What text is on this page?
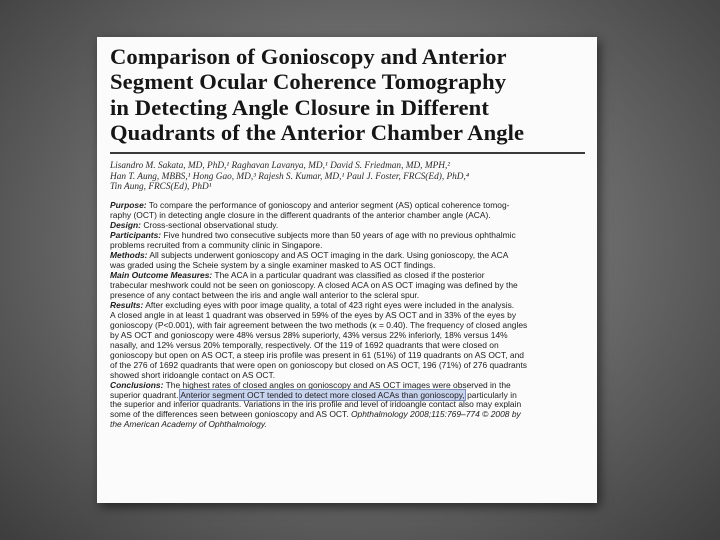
Comparison of Gonioscopy and Anterior
Segment Ocular Coherence Tomography
in Detecting Angle Closure in Different
Quadrants of the Anterior Chamber Angle
Lisandro M. Sakata, MD, PhD,¹ Raghavan Lavanya, MD,¹ David S. Friedman, MD, MPH,²
Han T. Aung, MBBS,¹ Hong Gao, MD,³ Rajesh S. Kumar, MD,¹ Paul J. Foster, FRCS(Ed), PhD,⁴
Tin Aung, FRCS(Ed), PhD¹
Purpose: To compare the performance of gonioscopy and anterior segment (AS) optical coherence tomog-
raphy (OCT) in detecting angle closure in the different quadrants of the anterior chamber angle (ACA).
Design: Cross-sectional observational study.
Participants: Five hundred two consecutive subjects more than 50 years of age with no previous ophthalmic
problems recruited from a community clinic in Singapore.
Methods: All subjects underwent gonioscopy and AS OCT imaging in the dark. Using gonioscopy, the ACA
was graded using the Scheie system by a single examiner masked to AS OCT findings.
Main Outcome Measures: The ACA in a particular quadrant was classified as closed if the posterior
trabecular meshwork could not be seen on gonioscopy. A closed ACA on AS OCT imaging was defined by the
presence of any contact between the iris and angle wall anterior to the scleral spur.
Results: After excluding eyes with poor image quality, a total of 423 right eyes were included in the analysis.
A closed angle in at least 1 quadrant was observed in 59% of the eyes by AS OCT and in 33% of the eyes by
gonioscopy (P<0.001), with fair agreement between the two methods (κ = 0.40). The frequency of closed angles
by AS OCT and gonioscopy were 48% versus 28% superiorly, 43% versus 22% inferiorly, 18% versus 14%
nasally, and 12% versus 20% temporally, respectively. Of the 119 of 1692 quadrants that were closed on
gonioscopy but open on AS OCT, a steep iris profile was present in 61 (51%) of 119 quadrants on AS OCT, and
of the 276 of 1692 quadrants that were open on gonioscopy but closed on AS OCT, 196 (71%) of 276 quadrants
showed short iridoangle contact on AS OCT.
Conclusions: The highest rates of closed angles on gonioscopy and AS OCT images were observed in the
superior quadrant. Anterior segment OCT tended to detect more closed ACAs than gonioscopy, particularly in
the superior and inferior quadrants. Variations in the iris profile and level of iridoangle contact also may explain
some of the differences seen between gonioscopy and AS OCT. Ophthalmology 2008;115:769–774 © 2008 by
the American Academy of Ophthalmology.
